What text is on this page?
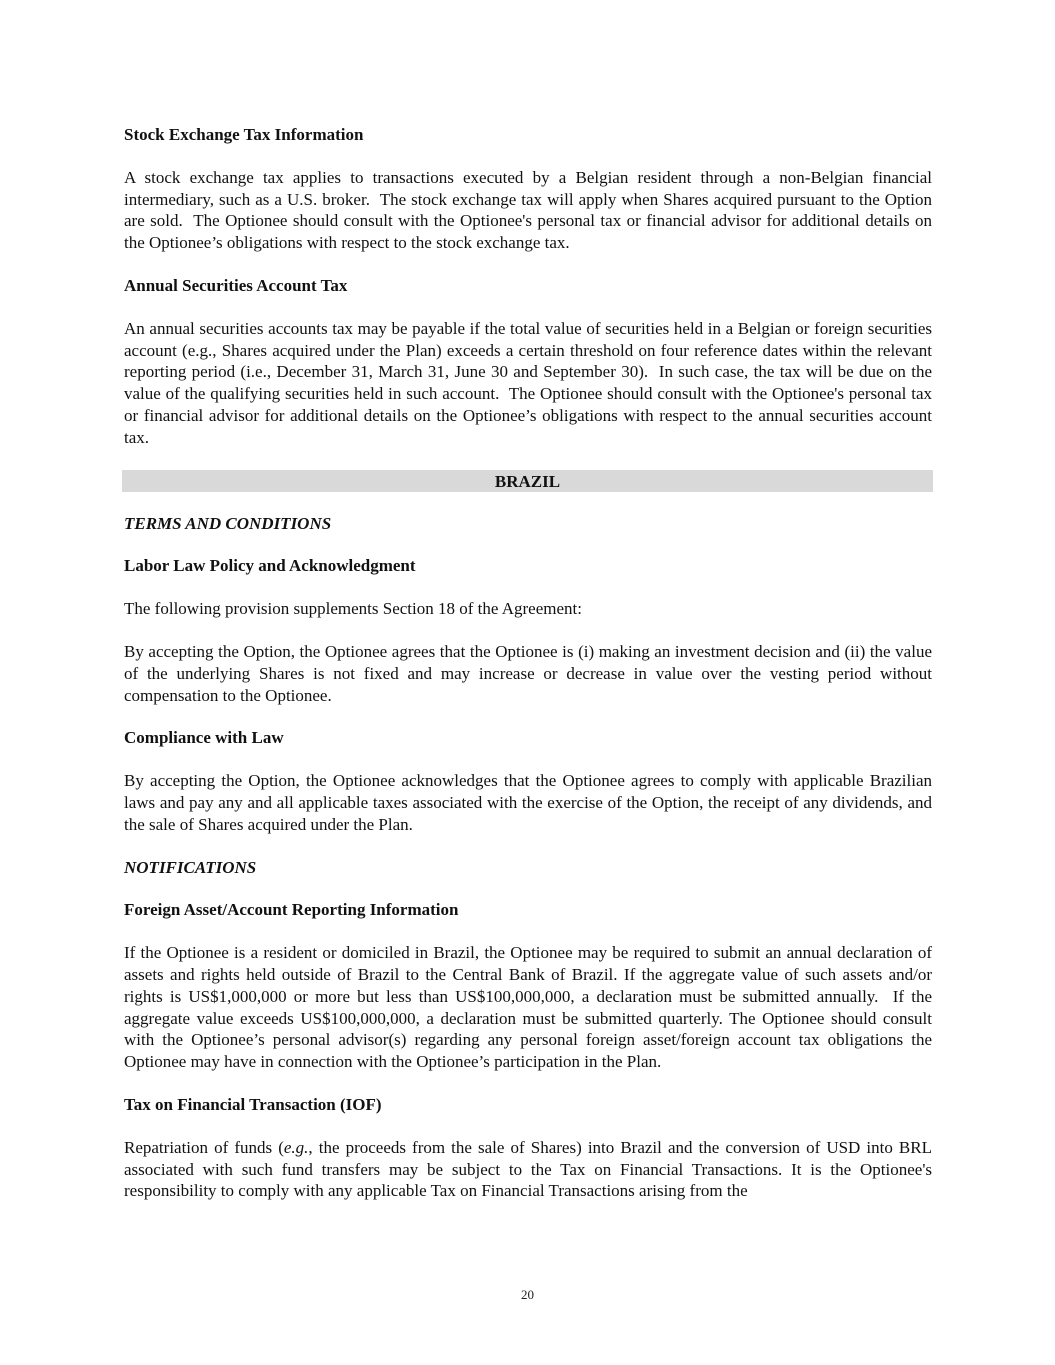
Stock Exchange Tax Information

A stock exchange tax applies to transactions executed by a Belgian resident through a non-Belgian financial intermediary, such as a U.S. broker.  The stock exchange tax will apply when Shares acquired pursuant to the Option are sold.  The Optionee should consult with the Optionee's personal tax or financial advisor for additional details on the Optionee’s obligations with respect to the stock exchange tax.

Annual Securities Account Tax

An annual securities accounts tax may be payable if the total value of securities held in a Belgian or foreign securities account (e.g., Shares acquired under the Plan) exceeds a certain threshold on four reference dates within the relevant reporting period (i.e., December 31, March 31, June 30 and September 30).  In such case, the tax will be due on the value of the qualifying securities held in such account.  The Optionee should consult with the Optionee's personal tax or financial advisor for additional details on the Optionee’s obligations with respect to the annual securities account tax.

BRAZIL

TERMS AND CONDITIONS

Labor Law Policy and Acknowledgment

The following provision supplements Section 18 of the Agreement:

By accepting the Option, the Optionee agrees that the Optionee is (i) making an investment decision and (ii) the value of the underlying Shares is not fixed and may increase or decrease in value over the vesting period without compensation to the Optionee.

Compliance with Law

By accepting the Option, the Optionee acknowledges that the Optionee agrees to comply with applicable Brazilian laws and pay any and all applicable taxes associated with the exercise of the Option, the receipt of any dividends, and the sale of Shares acquired under the Plan.

NOTIFICATIONS

Foreign Asset/Account Reporting Information

If the Optionee is a resident or domiciled in Brazil, the Optionee may be required to submit an annual declaration of assets and rights held outside of Brazil to the Central Bank of Brazil. If the aggregate value of such assets and/or rights is US$1,000,000 or more but less than US$100,000,000, a declaration must be submitted annually.  If the aggregate value exceeds US$100,000,000, a declaration must be submitted quarterly. The Optionee should consult with the Optionee’s personal advisor(s) regarding any personal foreign asset/foreign account tax obligations the Optionee may have in connection with the Optionee’s participation in the Plan.

Tax on Financial Transaction (IOF)

Repatriation of funds (e.g., the proceeds from the sale of Shares) into Brazil and the conversion of USD into BRL associated with such fund transfers may be subject to the Tax on Financial Transactions. It is the Optionee's responsibility to comply with any applicable Tax on Financial Transactions arising from the

20
